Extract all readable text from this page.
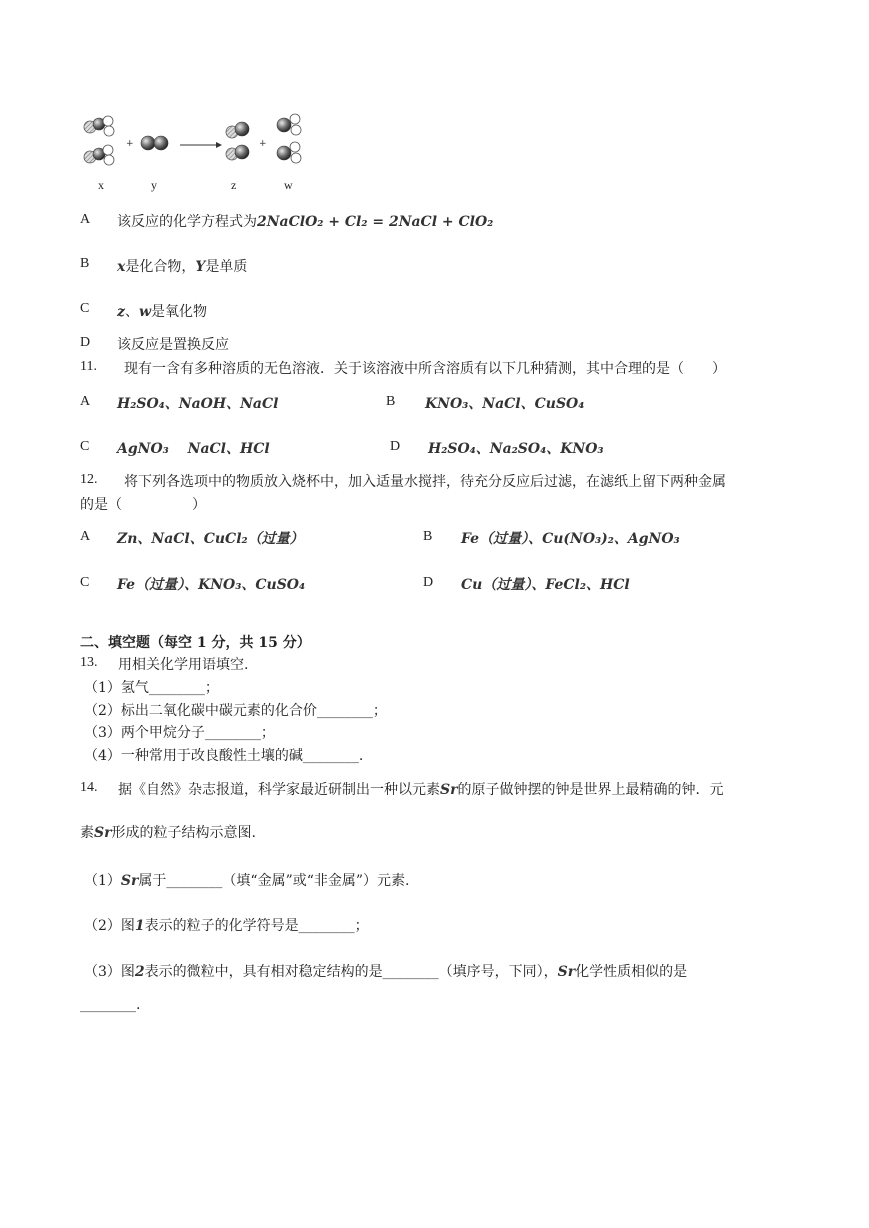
+	+
x	y	z	w
A 该反应的化学方程式为2NaClO₂ + Cl₂ = 2NaCl + ClO₂
B x是化合物，Y是单质
C z、w是氧化物
D 该反应是置换反应
11. 现有一含有多种溶质的无色溶液．关于该溶液中所含溶质有以下几种猜测，其中合理的是（　　）
A H₂SO₄、NaOH、NaCl	B KNO₃、NaCl、CuSO₄
C AgNO₃　 NaCl、HCl	D H₂SO₄、Na₂SO₄、KNO₃
12. 将下列各选项中的物质放入烧杯中，加入适量水搅拌，待充分反应后过滤，在滤纸上留下两种金属
的是（　　　　　）
A Zn、NaCl、CuCl₂（过量）	B Fe（过量）、Cu(NO₃)₂、AgNO₃
C Fe（过量）、KNO₃、CuSO₄	D Cu（过量）、FeCl₂、HCl
二、填空题（每空 1 分，共 15 分）
13. 用相关化学用语填空.
（1）氢气________；
（2）标出二氧化碳中碳元素的化合价________；
（3）两个甲烷分子________；
（4）一种常用于改良酸性土壤的碱________.
14. 据《自然》杂志报道，科学家最近研制出一种以元素Sr的原子做钟摆的钟是世界上最精确的钟．元
素Sr形成的粒子结构示意图.
（1）Sr属于________（填“金属”或“非金属”）元素.
（2）图1表示的粒子的化学符号是________；
（3）图2表示的微粒中，具有相对稳定结构的是________（填序号，下同），Sr化学性质相似的是
________.
